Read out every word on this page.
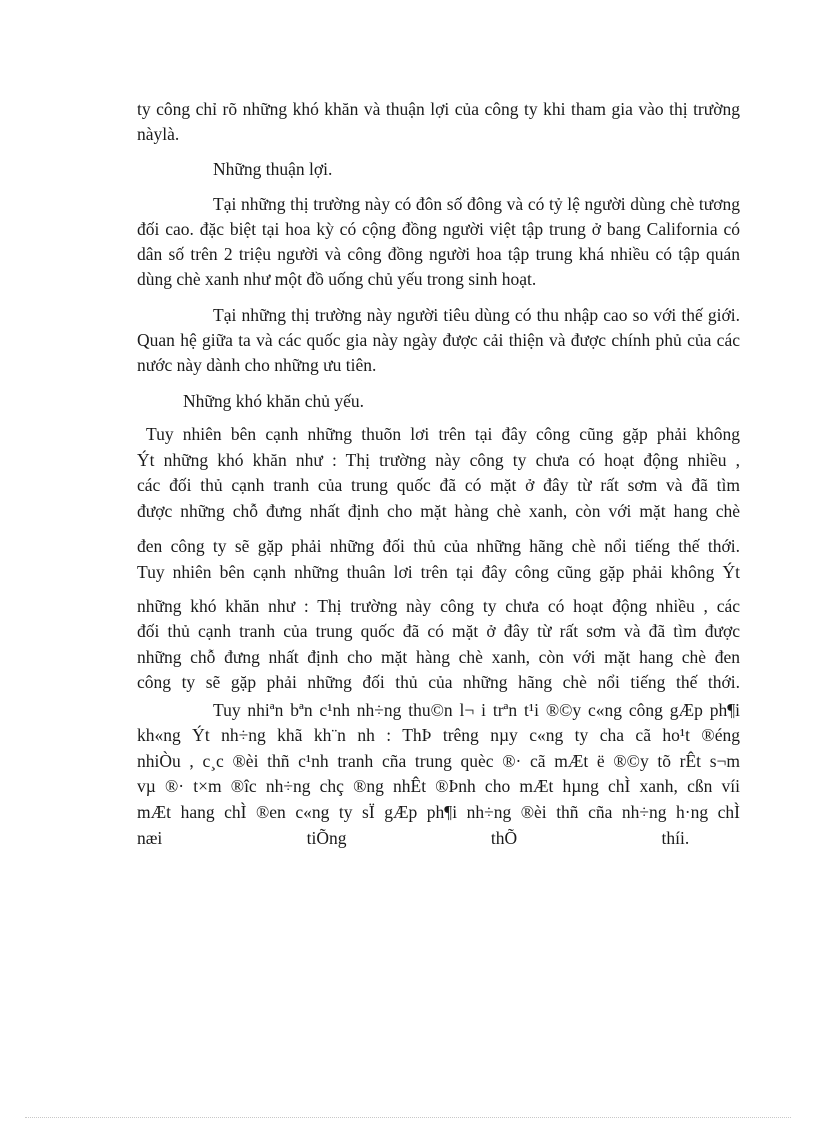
ty công chỉ rõ những khó khăn và thuận lợi của công ty khi tham gia vào thị trường nàylà.
Những thuận lợi.
Tại những thị trường này có đôn số đông và có tỷ lệ người dùng chè tương đối cao. đặc biệt tại hoa kỳ có cộng đồng người việt tập trung ở bang California có dân số trên 2 triệu người và công đồng người hoa tập trung khá nhiều có tập quán dùng chè xanh như một đồ uống chủ yếu trong sinh hoạt.
Tại những thị trường này người tiêu dùng có thu nhập cao so với thế giới. Quan hệ giữa ta và các quốc gia này ngày được cải thiện và được chính phủ của các nước này dành cho những ưu tiên.
Những khó khăn chủ yếu.
Tuy nhiên bên cạnh những thuõn lơi trên tại đây công cũng gặp phải không
Ýt những khó khăn như : Thị trường này công ty chưa có hoạt động nhiều ,
các đối thủ cạnh tranh của trung quốc đã có mặt ở đây từ rất sơm và đã tìm
được những chỗ đưng nhất định cho mặt hàng chè xanh, còn với mặt hang chè
đen công ty sẽ gặp phải những đối thủ của những hãng chè nổi tiếng thế thới.
Tuy nhiên bên cạnh những thuân lơi trên tại đây công cũng gặp phải không Ýt
những khó khăn như : Thị trường này công ty chưa có hoạt động nhiều , các
đối thủ cạnh tranh của trung quốc đã có mặt ở đây từ rất sơm và đã tìm được
những chỗ đưng nhất định cho mặt hàng chè xanh, còn với mặt hang chè đen
công ty sẽ gặp phải những đối thủ của những hãng chè nổi tiếng thế thới.
Tuy nhiªn bªn c¹nh nh÷ng thu©n l¬ i trªn t¹i ®©y c«ng công gÆp ph¶i
kh«ng Ýt nh÷ng khã kh¨n nh : ThÞ trêng nµy c«ng ty cha cã ho¹t ®éng
nhiÒu , c¸c ®èi thñ c¹nh tranh cña trung quèc ®· cã mÆt ë ®©y tõ rÊt s¬m
vµ ®· t×m ®îc nh÷ng chç ®ng nhÊt ®Þnh cho mÆt hµng chÌ xanh, cßn víi
mÆt hang chÌ ®en c«ng ty sÏ gÆp ph¶i nh÷ng ®èi thñ cña nh÷ng h·ng chÌ
næi tiÕng thÕ thíi.
